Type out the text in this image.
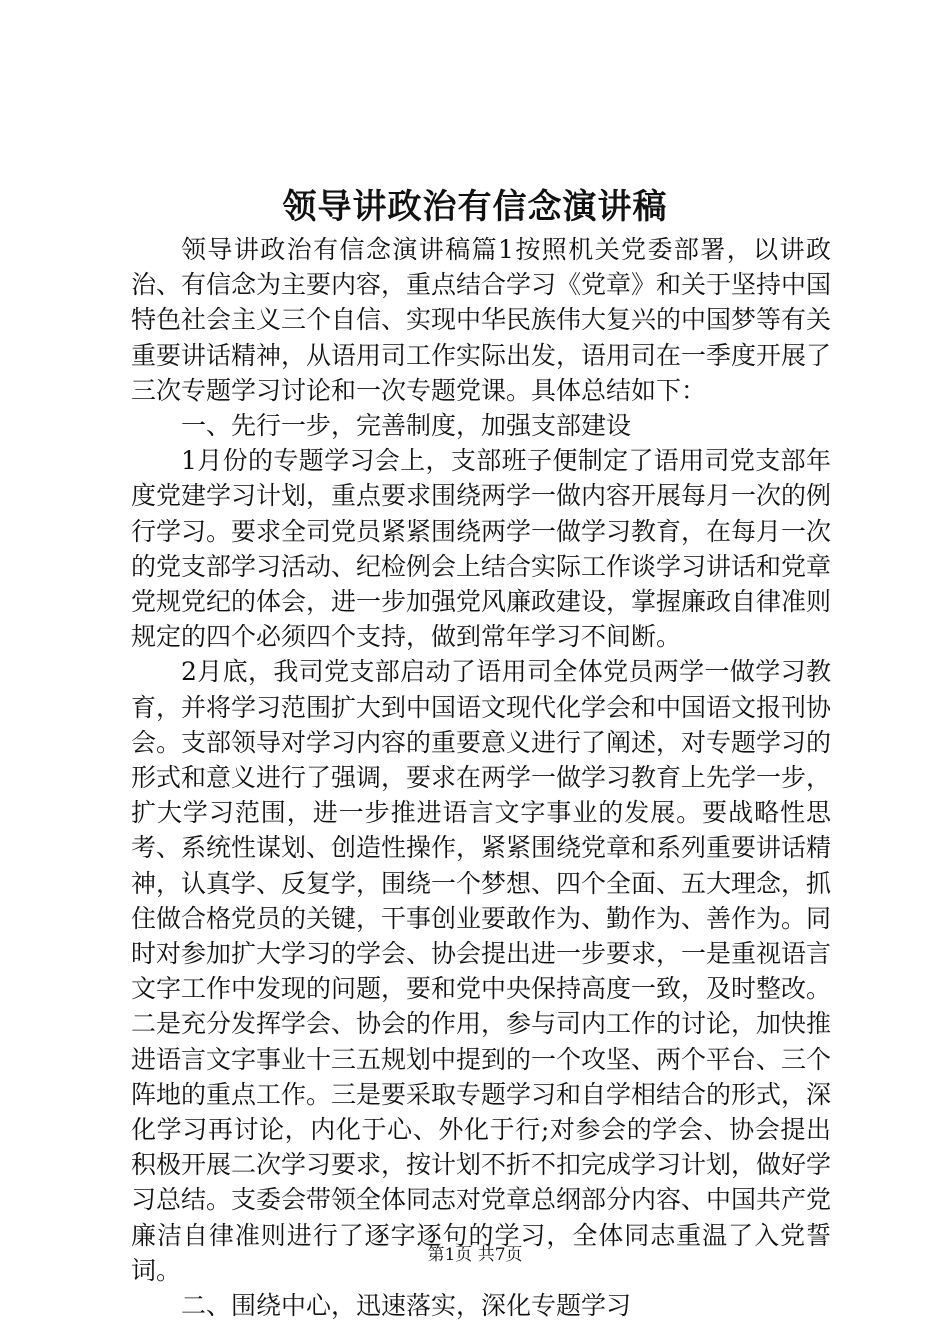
领导讲政治有信念演讲稿

领导讲政治有信念演讲稿篇1按照机关党委部署，以讲政治、有信念为主要内容，重点结合学习《党章》和关于坚持中国特色社会主义三个自信、实现中华民族伟大复兴的中国梦等有关重要讲话精神，从语用司工作实际出发，语用司在一季度开展了三次专题学习讨论和一次专题党课。具体总结如下：

一、先行一步，完善制度，加强支部建设

1月份的专题学习会上，支部班子便制定了语用司党支部年度党建学习计划，重点要求围绕两学一做内容开展每月一次的例行学习。要求全司党员紧紧围绕两学一做学习教育，在每月一次的党支部学习活动、纪检例会上结合实际工作谈学习讲话和党章党规党纪的体会，进一步加强党风廉政建设，掌握廉政自律准则规定的四个必须四个支持，做到常年学习不间断。

2月底，我司党支部启动了语用司全体党员两学一做学习教育，并将学习范围扩大到中国语文现代化学会和中国语文报刊协会。支部领导对学习内容的重要意义进行了阐述，对专题学习的形式和意义进行了强调，要求在两学一做学习教育上先学一步，扩大学习范围，进一步推进语言文字事业的发展。要战略性思考、系统性谋划、创造性操作，紧紧围绕党章和系列重要讲话精神，认真学、反复学，围绕一个梦想、四个全面、五大理念，抓住做合格党员的关键，干事创业要敢作为、勤作为、善作为。同时对参加扩大学习的学会、协会提出进一步要求，一是重视语言文字工作中发现的问题，要和党中央保持高度一致，及时整改。二是充分发挥学会、协会的作用，参与司内工作的讨论，加快推进语言文字事业十三五规划中提到的一个攻坚、两个平台、三个阵地的重点工作。三是要采取专题学习和自学相结合的形式，深化学习再讨论，内化于心、外化于行;对参会的学会、协会提出积极开展二次学习要求，按计划不折不扣完成学习计划，做好学习总结。支委会带领全体同志对党章总纲部分内容、中国共产党廉洁自律准则进行了逐字逐句的学习，全体同志重温了入党誓词。

二、围绕中心，迅速落实，深化专题学习

第1页 共7页
